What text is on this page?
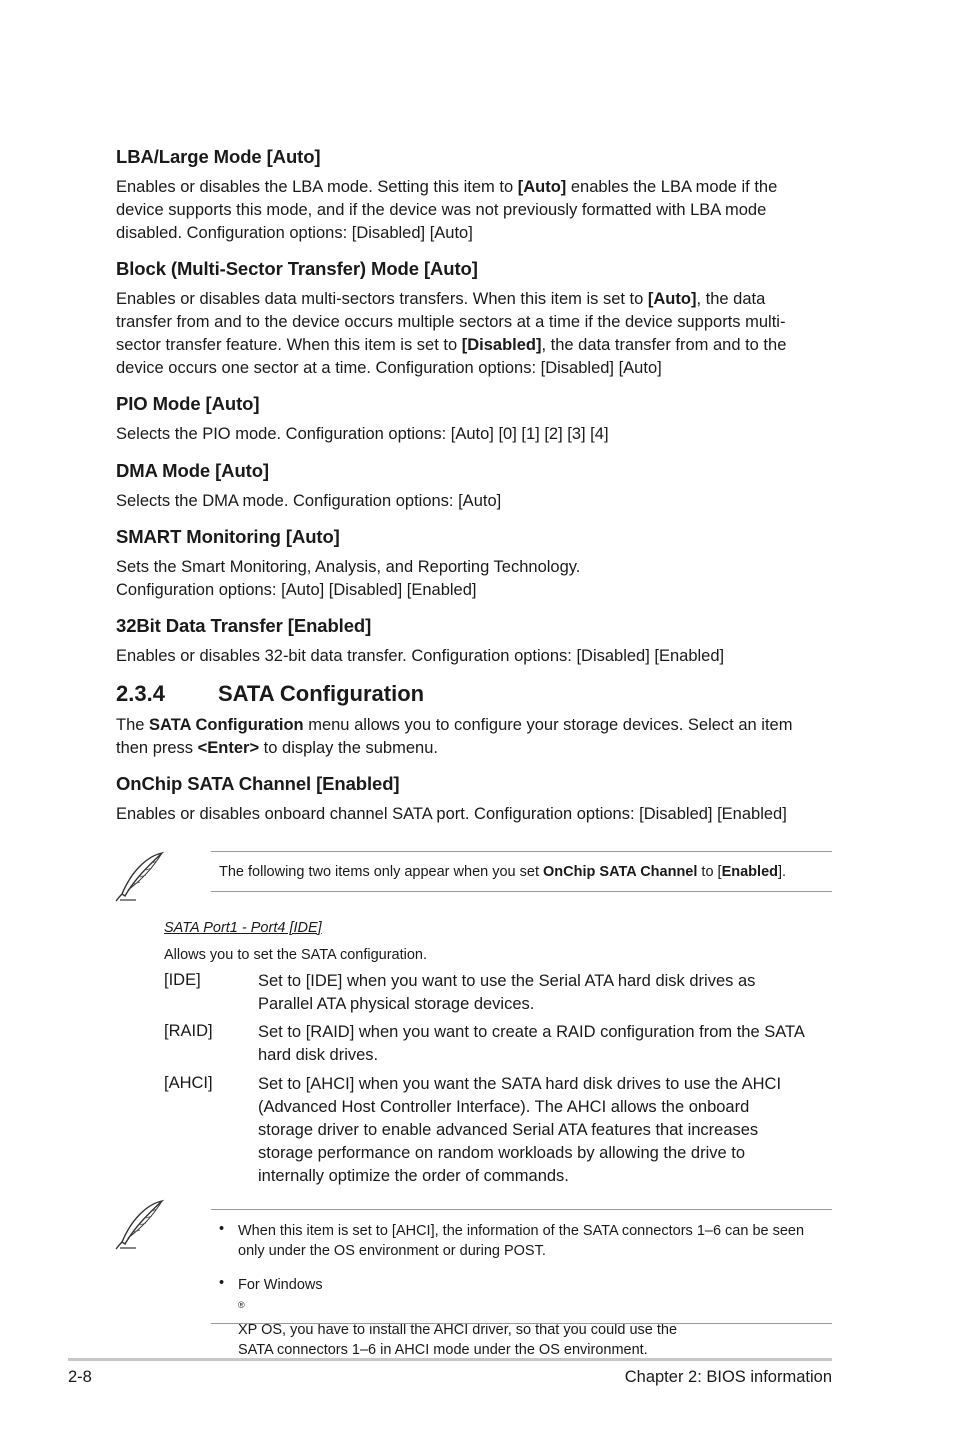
LBA/Large Mode [Auto]
Enables or disables the LBA mode. Setting this item to [Auto] enables the LBA mode if the
device supports this mode, and if the device was not previously formatted with LBA mode
disabled. Configuration options: [Disabled] [Auto]
Block (Multi-Sector Transfer) Mode [Auto]
Enables or disables data multi-sectors transfers. When this item is set to [Auto], the data
transfer from and to the device occurs multiple sectors at a time if the device supports multi-
sector transfer feature. When this item is set to [Disabled], the data transfer from and to the
device occurs one sector at a time. Configuration options: [Disabled] [Auto]
PIO Mode [Auto]
Selects the PIO mode. Configuration options: [Auto] [0] [1] [2] [3] [4]
DMA Mode [Auto]
Selects the DMA mode. Configuration options: [Auto]
SMART Monitoring [Auto]
Sets the Smart Monitoring, Analysis, and Reporting Technology.
Configuration options: [Auto] [Disabled] [Enabled]
32Bit Data Transfer [Enabled]
Enables or disables 32-bit data transfer. Configuration options: [Disabled] [Enabled]
2.3.4 SATA Configuration
The SATA Configuration menu allows you to configure your storage devices. Select an item
then press <Enter> to display the submenu.
OnChip SATA Channel [Enabled]
Enables or disables onboard channel SATA port. Configuration options: [Disabled] [Enabled]
The following two items only appear when you set OnChip SATA Channel to [Enabled].
SATA Port1 - Port4 [IDE]
Allows you to set the SATA configuration.
[IDE]	Set to [IDE] when you want to use the Serial ATA hard disk drives as
Parallel ATA physical storage devices.
[RAID]	Set to [RAID] when you want to create a RAID configuration from the SATA
hard disk drives.
[AHCI]	Set to [AHCI] when you want the SATA hard disk drives to use the AHCI
(Advanced Host Controller Interface). The AHCI allows the onboard
storage driver to enable advanced Serial ATA features that increases
storage performance on random workloads by allowing the drive to
internally optimize the order of commands.
• When this item is set to [AHCI], the information of the SATA connectors 1–6 can be seen
only under the OS environment or during POST.
• For Windows
®
XP OS, you have to install the AHCI driver, so that you could use the
SATA connectors 1–6 in AHCI mode under the OS environment.
2-8	Chapter 2: BIOS information
